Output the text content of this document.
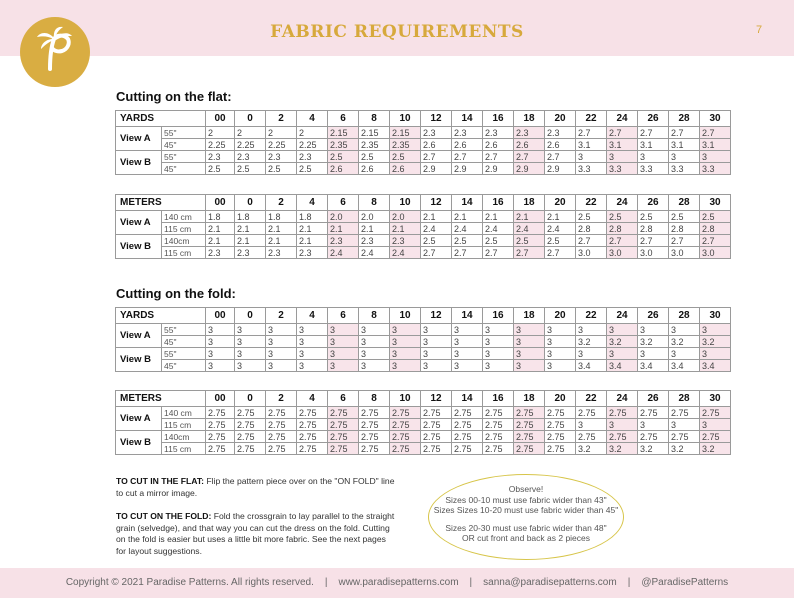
FABRIC REQUIREMENTS	7
Cutting on the flat:
YARDS		00	0	2	4	6	8	10	12	14	16	18	20	22	24	26	28	30
View A	55"	2	2	2	2	2.15	2.15	2.15	2.3	2.3	2.3	2.3	2.3	2.7	2.7	2.7	2.7	2.7
	45"	2.25	2.25	2.25	2.25	2.35	2.35	2.35	2.6	2.6	2.6	2.6	2.6	3.1	3.1	3.1	3.1	3.1
View B	55"	2.3	2.3	2.3	2.3	2.5	2.5	2.5	2.7	2.7	2.7	2.7	2.7	3	3	3	3	3
	45"	2.5	2.5	2.5	2.5	2.6	2.6	2.6	2.9	2.9	2.9	2.9	2.9	3.3	3.3	3.3	3.3	3.3
METERS		00	0	2	4	6	8	10	12	14	16	18	20	22	24	26	28	30
View A	140 cm	1.8	1.8	1.8	1.8	2.0	2.0	2.0	2.1	2.1	2.1	2.1	2.1	2.5	2.5	2.5	2.5	2.5
	115 cm	2.1	2.1	2.1	2.1	2.1	2.1	2.1	2.4	2.4	2.4	2.4	2.4	2.8	2.8	2.8	2.8	2.8
View B	140cm	2.1	2.1	2.1	2.1	2.3	2.3	2.3	2.5	2.5	2.5	2.5	2.5	2.7	2.7	2.7	2.7	2.7
	115 cm	2.3	2.3	2.3	2.3	2.4	2.4	2.4	2.7	2.7	2.7	2.7	2.7	3.0	3.0	3.0	3.0	3.0
Cutting on the fold:
YARDS		00	0	2	4	6	8	10	12	14	16	18	20	22	24	26	28	30
View A	55"	3	3	3	3	3	3	3	3	3	3	3	3	3	3	3	3	3
	45"	3	3	3	3	3	3	3	3	3	3	3	3	3.2	3.2	3.2	3.2	3.2
View B	55"	3	3	3	3	3	3	3	3	3	3	3	3	3	3	3	3	3
	45"	3	3	3	3	3	3	3	3	3	3	3	3	3.4	3.4	3.4	3.4	3.4
METERS		00	0	2	4	6	8	10	12	14	16	18	20	22	24	26	28	30
View A	140 cm	2.75	2.75	2.75	2.75	2.75	2.75	2.75	2.75	2.75	2.75	2.75	2.75	2.75	2.75	2.75	2.75	2.75
	115 cm	2.75	2.75	2.75	2.75	2.75	2.75	2.75	2.75	2.75	2.75	2.75	2.75	3	3	3	3	3
View B	140cm	2.75	2.75	2.75	2.75	2.75	2.75	2.75	2.75	2.75	2.75	2.75	2.75	2.75	2.75	2.75	2.75	2.75
	115 cm	2.75	2.75	2.75	2.75	2.75	2.75	2.75	2.75	2.75	2.75	2.75	2.75	3.2	3.2	3.2	3.2	3.2
TO CUT IN THE FLAT: Flip the pattern piece over on the "ON FOLD" line to cut a mirror image.
TO CUT ON THE FOLD: Fold the crossgrain to lay parallel to the straight grain (selvedge), and that way you can cut the dress on the fold. Cutting on the fold is easier but uses a little bit more fabric. See the next pages for layout suggestions.
Observe!
Sizes 00-10 must use fabric wider than 43"
Sizes Sizes 10-20 must use fabric wider than 45"
Sizes 20-30 must use fabric wider than 48"
OR cut front and back as 2 pieces
Copyright © 2021 Paradise Patterns. All rights reserved. | www.paradisepatterns.com | sanna@paradisepatterns.com | @ParadisePatterns
